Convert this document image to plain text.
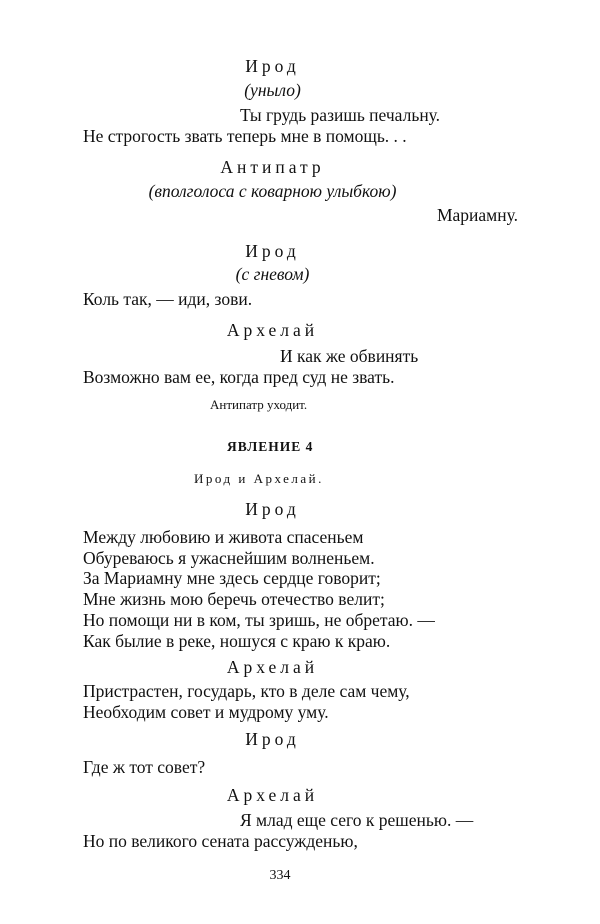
Ирод
(уныло)
Ты грудь разишь печальну.
Не строгость звать теперь мне в помощь. . .
Антипатр
(вполголоса с коварною улыбкою)
Мариамну.
Ирод
(с гневом)
Коль так, — иди, зови.
Архелай
И как же обвинять
Возможно вам ее, когда пред суд не звать.
Антипатр уходит.
ЯВЛЕНИЕ 4
Ирод и Архелай.
Ирод
Между любовию и живота спасеньем
Обуреваюсь я ужаснейшим волненьем.
За Мариамну мне здесь сердце говорит;
Мне жизнь мою беречь отечество велит;
Но помощи ни в ком, ты зришь, не обретаю. —
Как былие в реке, ношуся с краю к краю.
Архелай
Пристрастен, государь, кто в деле сам чему,
Необходим совет и мудрому уму.
Ирод
Где ж тот совет?
Архелай
Я млад еще сего к решенью. —
Но по великого сената рассужденью,
334
